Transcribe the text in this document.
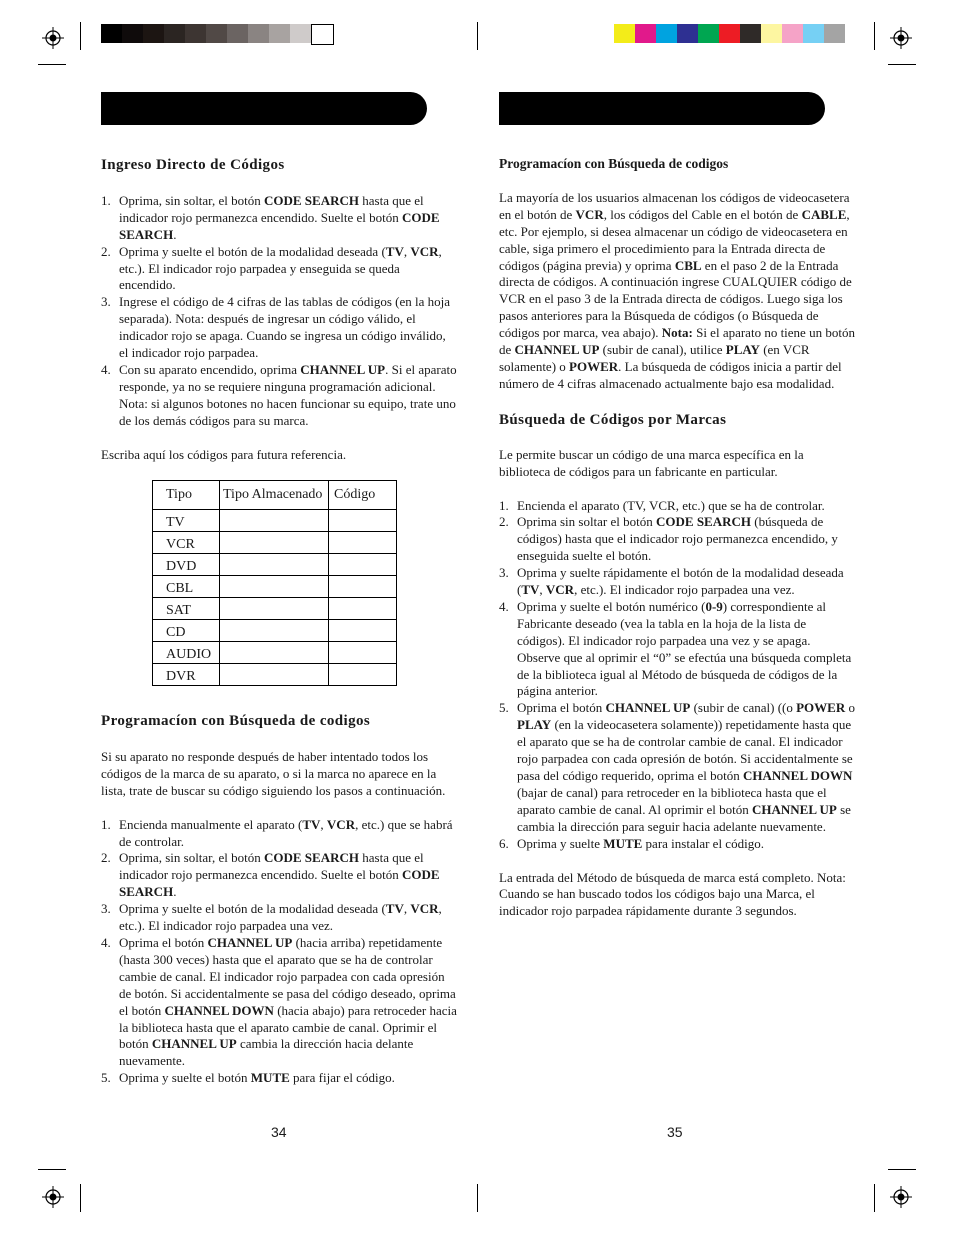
Ingreso Directo de Códigos
1. Oprima, sin soltar, el botón CODE SEARCH hasta que el indicador rojo permanezca encendido. Suelte el botón CODE SEARCH.
2. Oprima y suelte el botón de la modalidad deseada (TV, VCR, etc.). El indicador rojo parpadea y enseguida se queda encendido.
3. Ingrese el código de 4 cifras de las tablas de códigos (en la hoja separada). Nota: después de ingresar un código válido, el indicador rojo se apaga. Cuando se ingresa un código inválido, el indicador rojo parpadea.
4. Con su aparato encendido, oprima CHANNEL UP. Si el aparato responde, ya no se requiere ninguna programación adicional. Nota: si algunos botones no hacen funcionar su equipo, trate uno de los demás códigos para su marca.

Escriba aquí los códigos para futura referencia.

Tipo	Tipo Almacenado	Código
TV		
VCR		
DVD		
CBL		
SAT		
CD		
AUDIO		
DVR		
Programacíon con Búsqueda de codigos

Si su aparato no responde después de haber intentado todos los códigos de la marca de su aparato, o si la marca no aparece en la lista, trate de buscar su código siguiendo los pasos a continuación.

1. Encienda manualmente el aparato (TV, VCR, etc.) que se habrá de controlar.
2. Oprima, sin soltar, el botón CODE SEARCH hasta que el indicador rojo permanezca encendido. Suelte el botón CODE SEARCH.
3. Oprima y suelte el botón de la modalidad deseada (TV, VCR, etc.). El indicador rojo parpadea una vez.
4. Oprima el botón CHANNEL UP (hacia arriba) repetidamente (hasta 300 veces) hasta que el aparato que se ha de controlar cambie de canal. El indicador rojo parpadea con cada opresión de botón. Si accidentalmente se pasa del código deseado, oprima el botón CHANNEL DOWN (hacia abajo) para retroceder hacia la biblioteca hasta que el aparato cambie de canal. Oprimir el botón CHANNEL UP cambia la dirección hacia delante nuevamente.
5. Oprima y suelte el botón MUTE para fijar el código.
34
Programacíon con Búsqueda de codigos

La mayoría de los usuarios almacenan los códigos de videocasetera en el botón de VCR, los códigos del Cable en el botón de CABLE, etc. Por ejemplo, si desea almacenar un código de videocasetera en cable, siga primero el procedimiento para la Entrada directa de códigos (página previa) y oprima CBL en el paso 2 de la Entrada directa de códigos. A continuación ingrese CUALQUIER código de VCR en el paso 3 de la Entrada directa de códigos. Luego siga los pasos anteriores para la Búsqueda de códigos (o Búsqueda de códigos por marca, vea abajo). Nota: Si el aparato no tiene un botón de CHANNEL UP (subir de canal), utilice PLAY (en VCR solamente) o POWER. La búsqueda de códigos inicia a partir del número de 4 cifras almacenado actualmente bajo esa modalidad.

Búsqueda de Códigos por Marcas

Le permite buscar un código de una marca específica en la biblioteca de códigos para un fabricante en particular.

1. Encienda el aparato (TV, VCR, etc.) que se ha de controlar.
2. Oprima sin soltar el botón CODE SEARCH (búsqueda de códigos) hasta que el indicador rojo permanezca encendido, y enseguida suelte el botón.
3. Oprima y suelte rápidamente el botón de la modalidad deseada (TV, VCR, etc.). El indicador rojo parpadea una vez.
4. Oprima y suelte el botón numérico (0-9) correspondiente al Fabricante deseado (vea la tabla en la hoja de la lista de códigos). El indicador rojo parpadea una vez y se apaga. Observe que al oprimir el “0” se efectúa una búsqueda completa de la biblioteca igual al Método de búsqueda de códigos de la página anterior.
5. Oprima el botón CHANNEL UP (subir de canal) ((o POWER o PLAY (en la videocasetera solamente)) repetidamente hasta que el aparato que se ha de controlar cambie de canal. El indicador rojo parpadea con cada opresión de botón. Si accidentalmente se pasa del código requerido, oprima el botón CHANNEL DOWN (bajar de canal) para retroceder en la biblioteca hasta que el aparato cambie de canal. Al oprimir el botón CHANNEL UP se cambia la dirección para seguir hacia adelante nuevamente.
6. Oprima y suelte MUTE para instalar el código.

La entrada del Método de búsqueda de marca está completo. Nota: Cuando se han buscado todos los códigos bajo una Marca, el indicador rojo parpadea rápidamente durante 3 segundos.

35
